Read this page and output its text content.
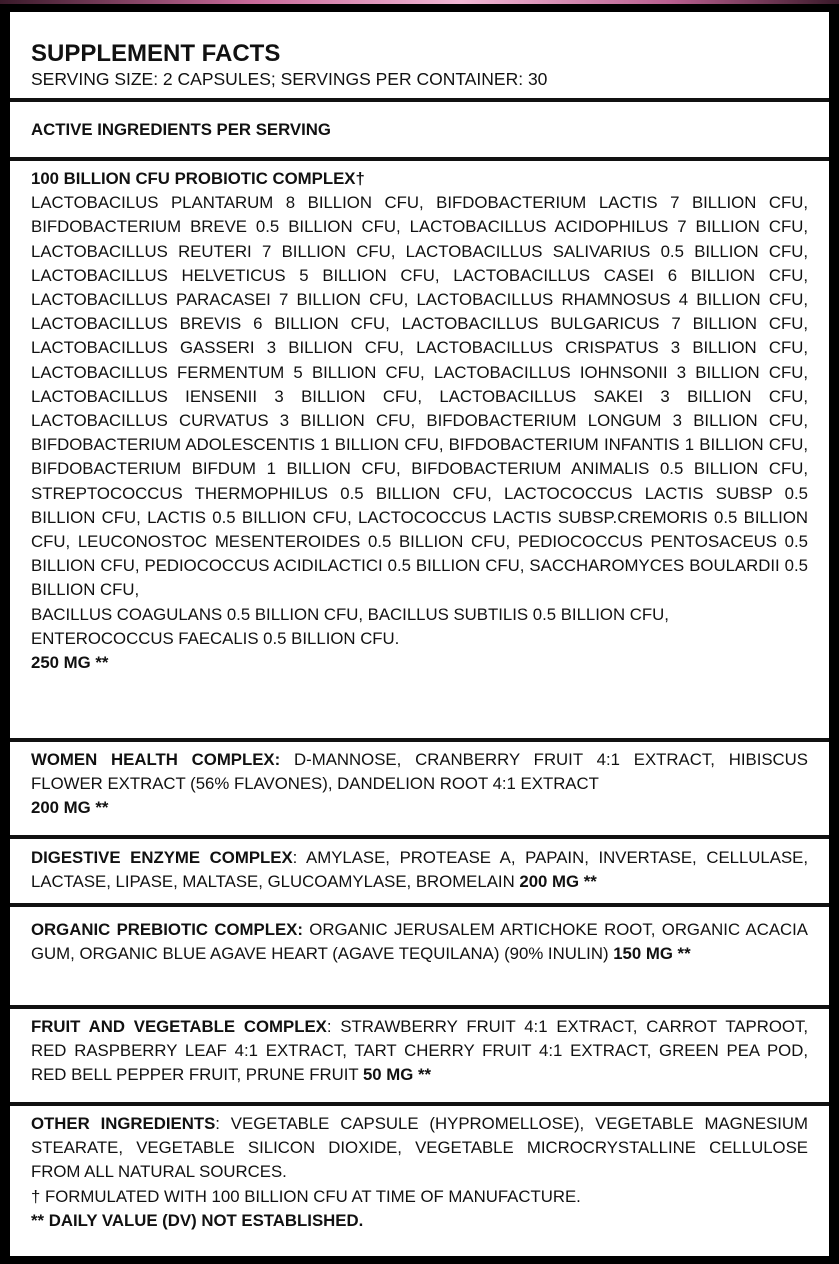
SUPPLEMENT FACTS

SERVING SIZE: 2 CAPSULES; SERVINGS PER CONTAINER: 30

ACTIVE INGREDIENTS PER SERVING

100 BILLION CFU PROBIOTIC COMPLEX†

LACTOBACILUS PLANTARUM 8 BILLION CFU, BIFDOBACTERIUM LACTIS 7 BILLION CFU, BIFDOBACTERIUM BREVE 0.5 BILLION CFU, LACTOBACILLUS ACIDOPHILUS 7 BILLION CFU, LACTOBACILLUS REUTERI 7 BILLION CFU, LACTOBACILLUS SALIVARIUS 0.5 BILLION CFU, LACTOBACILLUS HELVETICUS 5 BILLION CFU, LACTOBACILLUS CASEI 6 BILLION CFU, LACTOBACILLUS PARACASEI 7 BILLION CFU, LACTOBACILLUS RHAMNOSUS 4 BILLION CFU, LACTOBACILLUS BREVIS 6 BILLION CFU, LACTOBACILLUS BULGARICUS 7 BILLION CFU, LACTOBACILLUS GASSERI 3 BILLION CFU, LACTOBACILLUS CRISPATUS 3 BILLION CFU, LACTOBACILLUS FERMENTUM 5 BILLION CFU, LACTOBACILLUS IOHNSONII 3 BILLION CFU, LACTOBACILLUS IENSENII 3 BILLION CFU, LACTOBACILLUS SAKEI 3 BILLION CFU, LACTOBACILLUS CURVATUS 3 BILLION CFU, BIFDOBACTERIUM LONGUM 3 BILLION CFU, BIFDOBACTERIUM ADOLESCENTIS 1 BILLION CFU, BIFDOBACTERIUM INFANTIS 1 BILLION CFU, BIFDOBACTERIUM BIFDUM 1 BILLION CFU, BIFDOBACTERIUM ANIMALIS 0.5 BILLION CFU, STREPTOCOCCUS THERMOPHILUS 0.5 BILLION CFU, LACTOCOCCUS LACTIS SUBSP 0.5 BILLION CFU, LACTIS 0.5 BILLION CFU, LACTOCOCCUS LACTIS SUBSP.CREMORIS 0.5 BILLION CFU, LEUCONOSTOC MESENTEROIDES 0.5 BILLION CFU, PEDIOCOCCUS PENTOSACEUS 0.5 BILLION CFU, PEDIOCOCCUS ACIDILACTICI 0.5 BILLION CFU, SACCHAROMYCES BOULARDII 0.5 BILLION CFU,

BACILLUS COAGULANS 0.5 BILLION CFU, BACILLUS SUBTILIS 0.5 BILLION CFU,

ENTEROCOCCUS FAECALIS 0.5 BILLION CFU.

250 MG **

WOMEN HEALTH COMPLEX: D-MANNOSE, CRANBERRY FRUIT 4:1 EXTRACT, HIBISCUS FLOWER EXTRACT (56% FLAVONES), DANDELION ROOT 4:1 EXTRACT

200 MG **

DIGESTIVE ENZYME COMPLEX: AMYLASE, PROTEASE A, PAPAIN, INVERTASE, CELLULASE, LACTASE, LIPASE, MALTASE, GLUCOAMYLASE, BROMELAIN 200 MG **

ORGANIC PREBIOTIC COMPLEX: ORGANIC JERUSALEM ARTICHOKE ROOT, ORGANIC ACACIA GUM, ORGANIC BLUE AGAVE HEART (AGAVE TEQUILANA) (90% INULIN) 150 MG **

FRUIT AND VEGETABLE COMPLEX: STRAWBERRY FRUIT 4:1 EXTRACT, CARROT TAPROOT, RED RASPBERRY LEAF 4:1 EXTRACT, TART CHERRY FRUIT 4:1 EXTRACT, GREEN PEA POD, RED BELL PEPPER FRUIT, PRUNE FRUIT 50 MG **

OTHER INGREDIENTS: VEGETABLE CAPSULE (HYPROMELLOSE), VEGETABLE MAGNESIUM STEARATE, VEGETABLE SILICON DIOXIDE, VEGETABLE MICROCRYSTALLINE CELLULOSE FROM ALL NATURAL SOURCES.

† FORMULATED WITH 100 BILLION CFU AT TIME OF MANUFACTURE.

** DAILY VALUE (DV) NOT ESTABLISHED.
